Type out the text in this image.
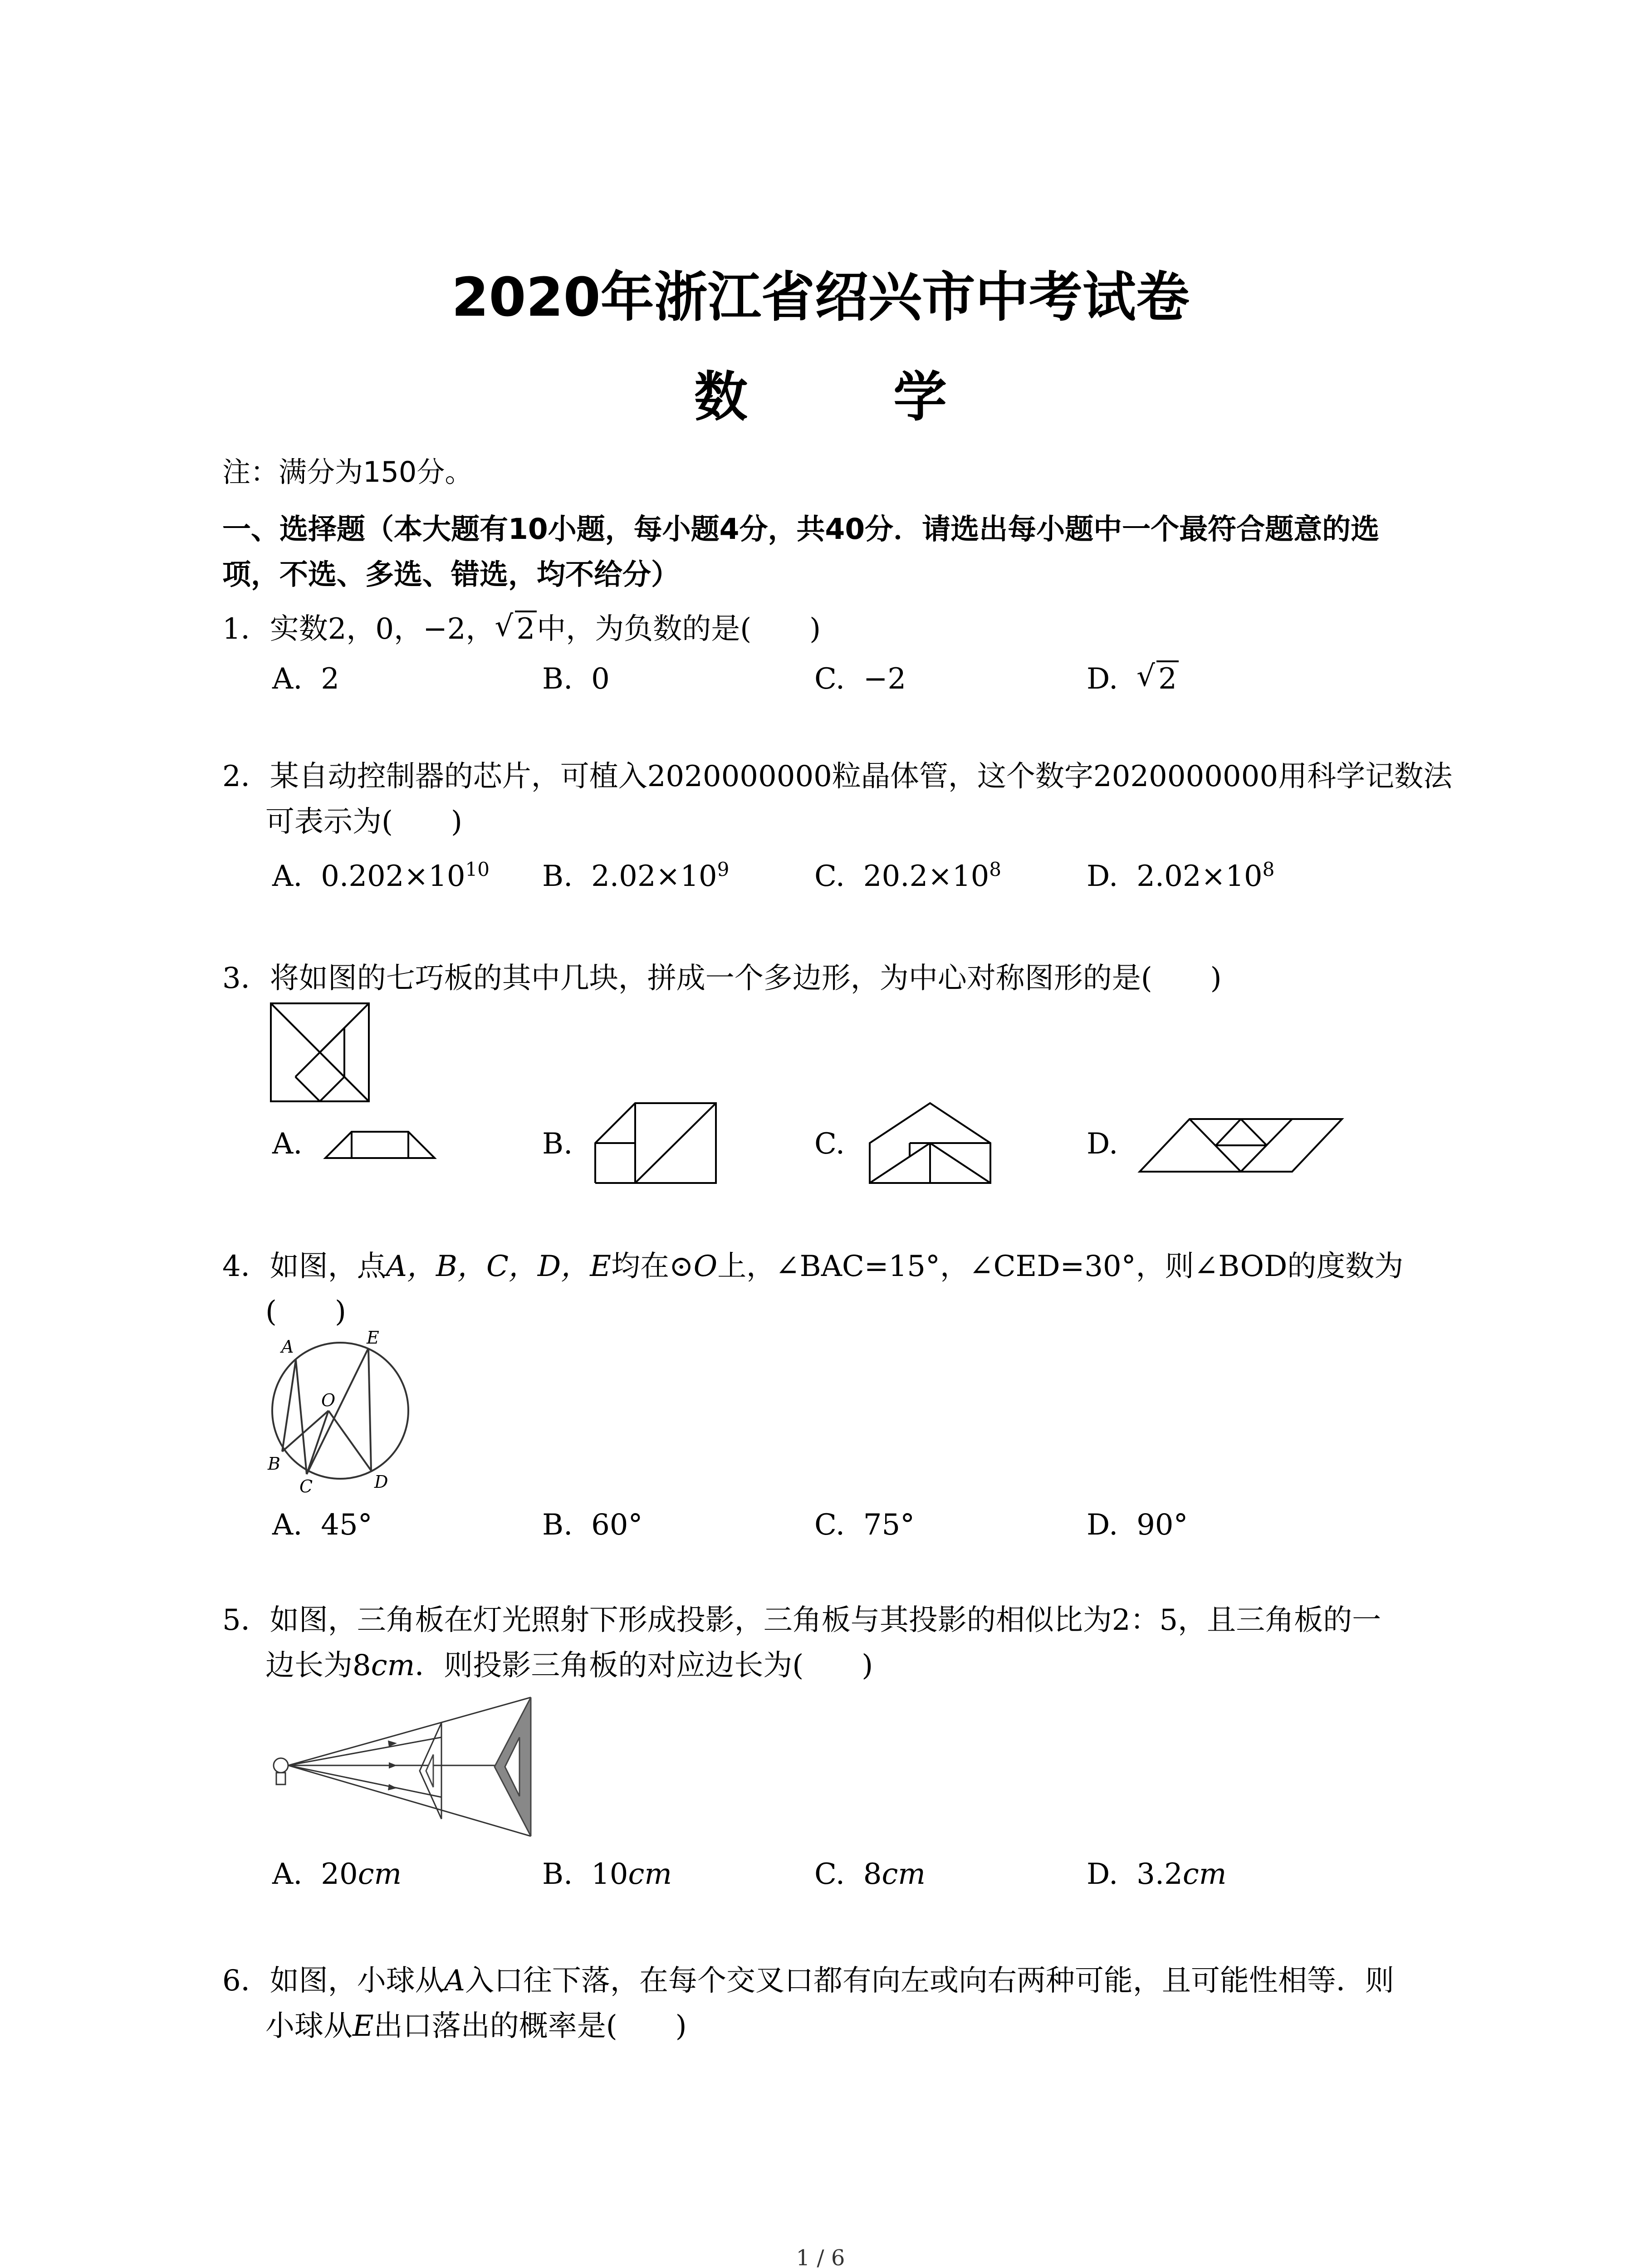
2020年浙江省绍兴市中考试卷
数 学
注：满分为150分。
一、选择题（本大题有10小题，每小题4分，共40分．请选出每小题中一个最符合题意的选
项，不选、多选、错选，均不给分）
1．实数2，0，−2， √ 2中，为负数的是(　　)
A. 2	B. 0	C. −2	D. √ 2
2．某自动控制器的芯片，可植入2020000000粒晶体管，这个数字2020000000用科学记数法
可表示为(　　)
A. $0.202\times 10^{10}$ B. $2.02\times 10^9$	C. $20.2\times 10^8$	D. $2.02\times 10^8$
3．将如图的七巧板的其中几块，拼成一个多边形，为中心对称图形的是(　　)
A.	B.	C.	D.
4．如图，点A，B，C，D，E均在⊙O上，∠BAC=15°，∠CED=30°，则∠BOD的度数为
(　　)
A	E
O
B
C	D
A. 45°	B. 60°	C. 75°	D. 90°
5．如图，三角板在灯光照射下形成投影，三角板与其投影的相似比为2：5，且三角板的一
边长为8cm．则投影三角板的对应边长为(　　)
A. 20cm	B. 10cm	C. 8cm	D. 3.2cm
6．如图，小球从A入口往下落，在每个交叉口都有向左或向右两种可能，且可能性相等．则
小球从E出口落出的概率是(　　)
1 / 6
